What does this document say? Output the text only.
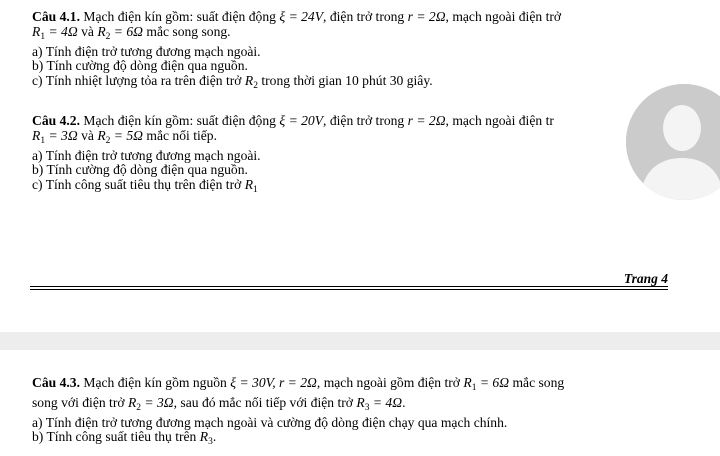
Câu 4.1. Mạch điện kín gồm: suất điện động ξ = 24V, điện trở trong r = 2Ω, mạch ngoài điện trở
$R_1 = 4\Omega$ và $R_2 = 6\Omega$ mắc song song.
a) Tính điện trở tương đương mạch ngoài.
b) Tính cường độ dòng điện qua nguồn.
c) Tính nhiệt lượng tỏa ra trên điện trở $R_2$ trong thời gian 10 phút 30 giây.
Câu 4.2. Mạch điện kín gồm: suất điện động ξ = 20V, điện trở trong r = 2Ω, mạch ngoài điện tr
$R_1 = 3\Omega$ và $R_2 = 5\Omega$ mắc nối tiếp.
a) Tính điện trở tương đương mạch ngoài.
b) Tính cường độ dòng điện qua nguồn.
c) Tính công suất tiêu thụ trên điện trở $R_1$
Trang 4
Câu 4.3. Mạch điện kín gồm nguồn ξ = 30V, r = 2Ω, mạch ngoài gồm điện trở $R_1 = 6\Omega$ mắc song
song với điện trở $R_2 = 3\Omega$, sau đó mắc nối tiếp với điện trở $R_3 = 4\Omega$.
a) Tính điện trở tương đương mạch ngoài và cường độ dòng điện chạy qua mạch chính.
b) Tính công suất tiêu thụ trên $R_3$.
